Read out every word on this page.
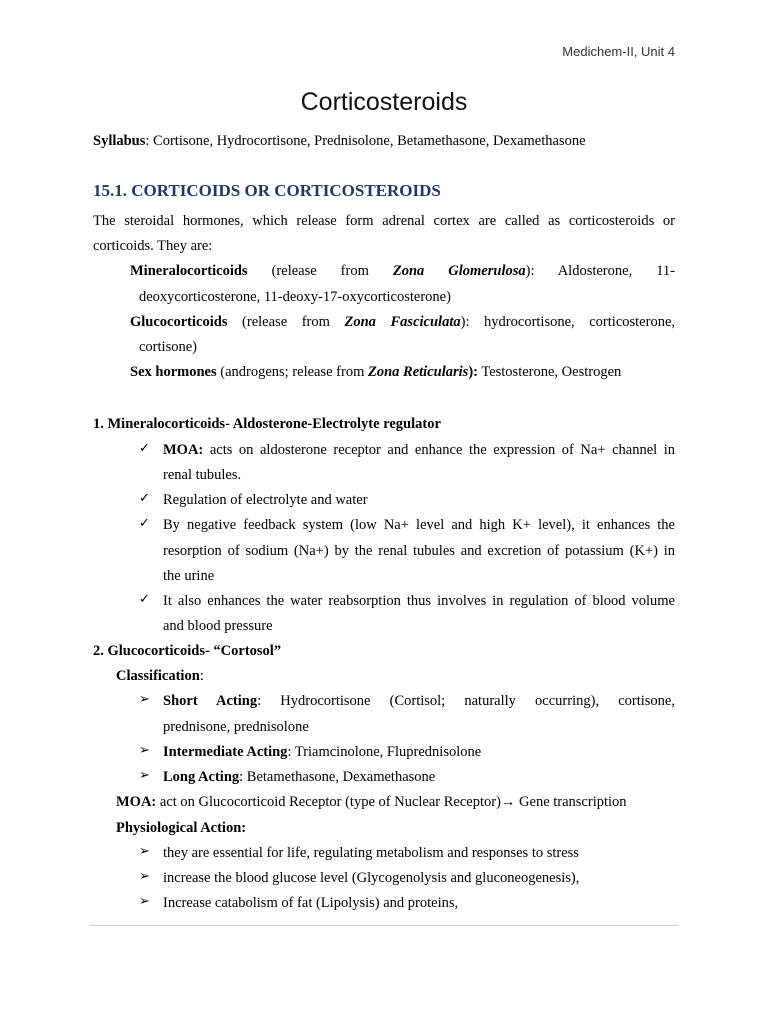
Medichem-II, Unit 4
Corticosteroids
Syllabus: Cortisone, Hydrocortisone, Prednisolone, Betamethasone, Dexamethasone
15.1. CORTICOIDS OR CORTICOSTEROIDS
The steroidal hormones, which release form adrenal cortex are called as corticosteroids or
corticoids. They are:
Mineralocorticoids (release from Zona Glomerulosa): Aldosterone, 11-
deoxycorticosterone, 11-deoxy-17-oxycorticosterone)
Glucocorticoids (release from Zona Fasciculata): hydrocortisone, corticosterone,
cortisone)
Sex hormones (androgens; release from Zona Reticularis): Testosterone, Oestrogen
1. Mineralocorticoids- Aldosterone-Electrolyte regulator
✓ MOA: acts on aldosterone receptor and enhance the expression of Na+ channel in
renal tubules.
✓ Regulation of electrolyte and water
✓ By negative feedback system (low Na+ level and high K+ level), it enhances the
resorption of sodium (Na+) by the renal tubules and excretion of potassium (K+) in
the urine
✓ It also enhances the water reabsorption thus involves in regulation of blood volume
and blood pressure
2. Glucocorticoids- “Cortosol”
Classification:
➢ Short Acting: Hydrocortisone (Cortisol; naturally occurring), cortisone,
prednisone, prednisolone
➢ Intermediate Acting: Triamcinolone, Fluprednisolone
➢ Long Acting: Betamethasone, Dexamethasone
MOA: act on Glucocorticoid Receptor (type of Nuclear Receptor)→ Gene transcription
Physiological Action:
➢ they are essential for life, regulating metabolism and responses to stress
➢ increase the blood glucose level (Glycogenolysis and gluconeogenesis),
➢ Increase catabolism of fat (Lipolysis) and proteins,
